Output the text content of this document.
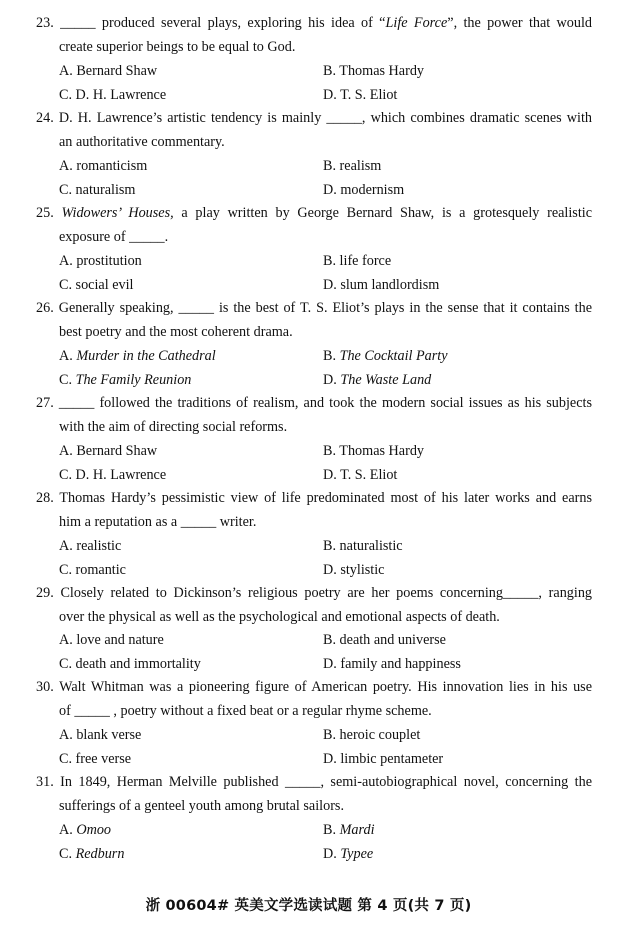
23. _____ produced several plays, exploring his idea of “Life Force”, the power that would
create superior beings to be equal to God.
A. Bernard Shaw	B. Thomas Hardy
C. D. H. Lawrence	D. T. S. Eliot
24. D. H. Lawrence’s artistic tendency is mainly _____, which combines dramatic scenes with
an authoritative commentary.
A. romanticism	B. realism
C. naturalism	D. modernism
25. Widowers’ Houses, a play written by George Bernard Shaw, is a grotesquely realistic
exposure of _____.
A. prostitution	B. life force
C. social evil	D. slum landlordism
26. Generally speaking, _____ is the best of T. S. Eliot’s plays in the sense that it contains the
best poetry and the most coherent drama.
A. Murder in the Cathedral	B. The Cocktail Party
C. The Family Reunion	D. The Waste Land
27. _____ followed the traditions of realism, and took the modern social issues as his subjects
with the aim of directing social reforms.
A. Bernard Shaw	B. Thomas Hardy
C. D. H. Lawrence	D. T. S. Eliot
28. Thomas Hardy’s pessimistic view of life predominated most of his later works and earns
him a reputation as a _____ writer.
A. realistic	B. naturalistic
C. romantic	D. stylistic
29. Closely related to Dickinson’s religious poetry are her poems concerning_____, ranging
over the physical as well as the psychological and emotional aspects of death.
A. love and nature	B. death and universe
C. death and immortality	D. family and happiness
30. Walt Whitman was a pioneering figure of American poetry. His innovation lies in his use
of _____ , poetry without a fixed beat or a regular rhyme scheme.
A. blank verse	B. heroic couplet
C. free verse	D. limbic pentameter
31. In 1849, Herman Melville published _____, semi-autobiographical novel, concerning the
sufferings of a genteel youth among brutal sailors.
A. Omoo	B. Mardi
C. Redburn	D. Typee
浙 00604# 英美文学选读试题 第 4 页(共 7 页)
